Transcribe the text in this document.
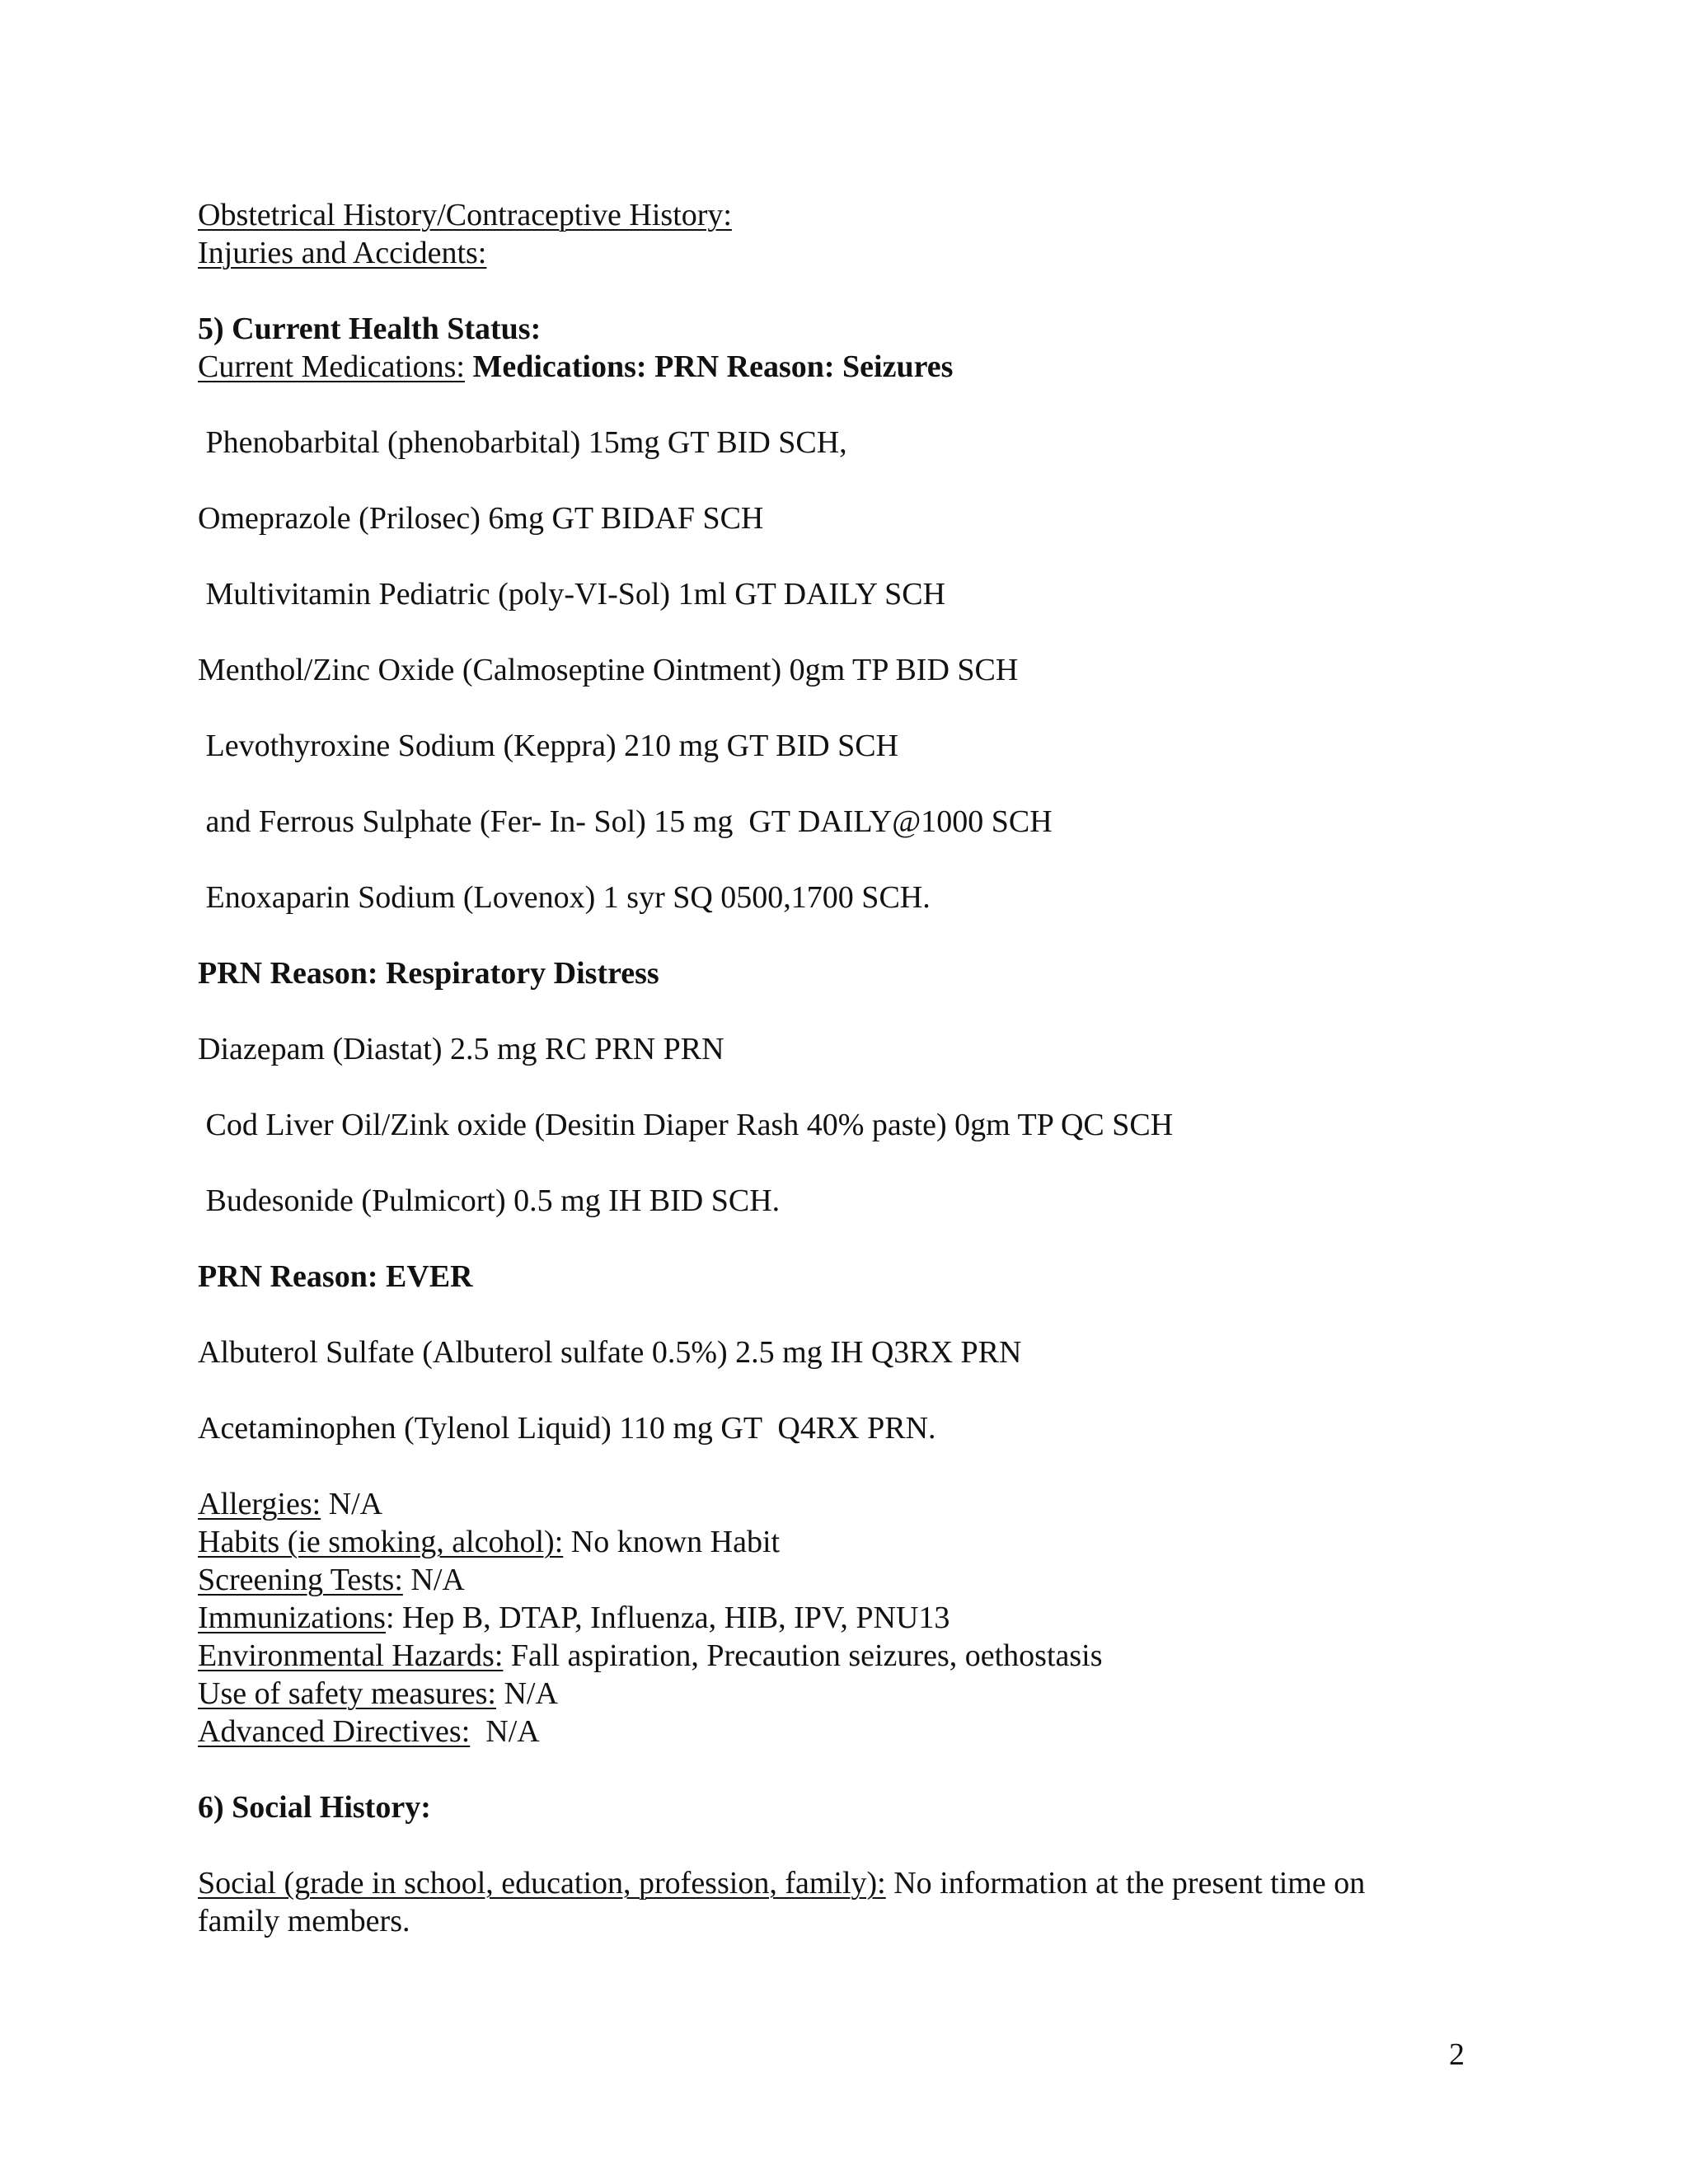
Obstetrical History/Contraceptive History:
Injuries and Accidents:
5) Current Health Status:
Current Medications: Medications: PRN Reason: Seizures
Phenobarbital (phenobarbital) 15mg GT BID SCH,
Omeprazole (Prilosec) 6mg GT BIDAF SCH
Multivitamin Pediatric (poly-VI-Sol) 1ml GT DAILY SCH
Menthol/Zinc Oxide (Calmoseptine Ointment) 0gm TP BID SCH
Levothyroxine Sodium (Keppra) 210 mg GT BID SCH
and Ferrous Sulphate (Fer- In- Sol) 15 mg  GT DAILY@1000 SCH
Enoxaparin Sodium (Lovenox) 1 syr SQ 0500,1700 SCH.
PRN Reason: Respiratory Distress
Diazepam (Diastat) 2.5 mg RC PRN PRN
Cod Liver Oil/Zink oxide (Desitin Diaper Rash 40% paste) 0gm TP QC SCH
Budesonide (Pulmicort) 0.5 mg IH BID SCH.
PRN Reason: EVER
Albuterol Sulfate (Albuterol sulfate 0.5%) 2.5 mg IH Q3RX PRN
Acetaminophen (Tylenol Liquid) 110 mg GT  Q4RX PRN.
Allergies: N/A
Habits (ie smoking, alcohol): No known Habit
Screening Tests: N/A
Immunizations: Hep B, DTAP, Influenza, HIB, IPV, PNU13
Environmental Hazards: Fall aspiration, Precaution seizures, oethostasis
Use of safety measures: N/A
Advanced Directives:  N/A
6) Social History:
Social (grade in school, education, profession, family): No information at the present time on family members.
2
